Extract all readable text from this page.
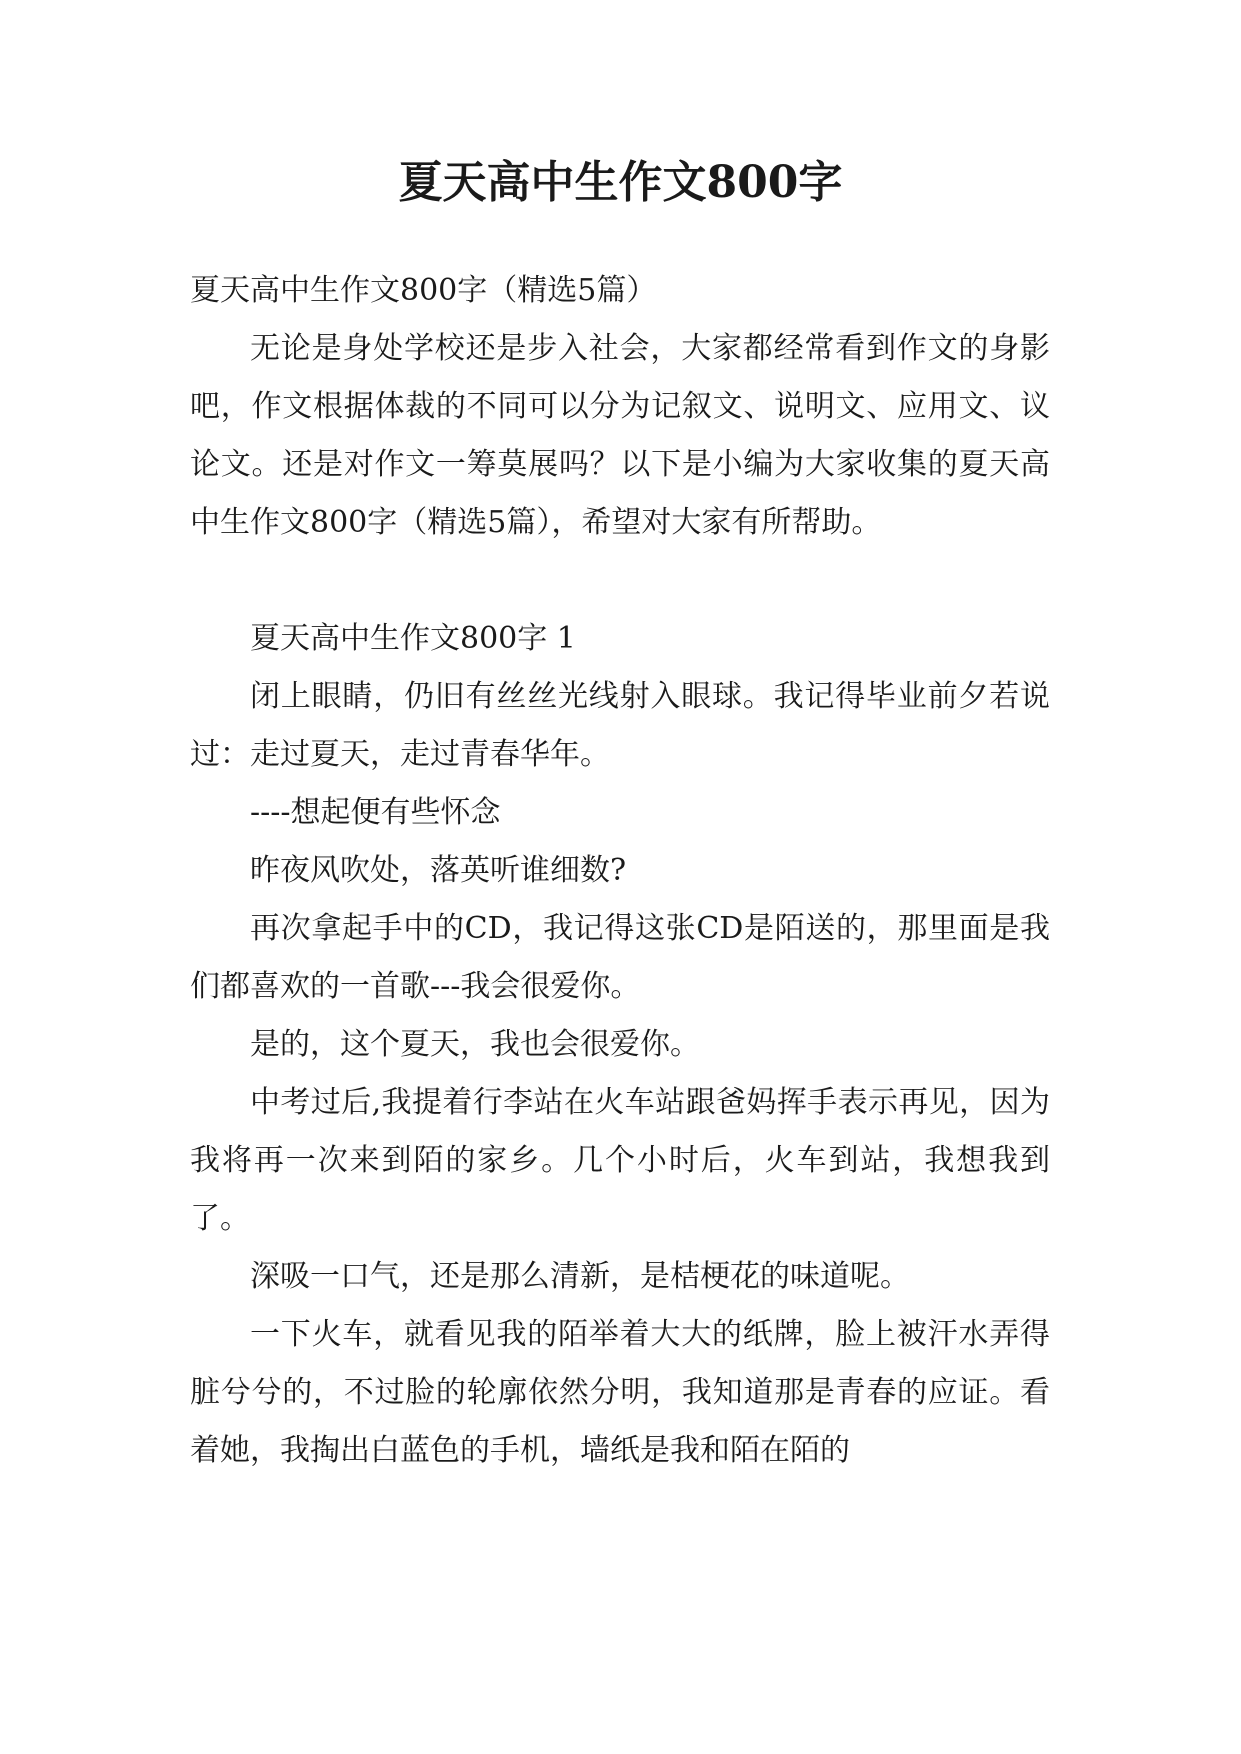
夏天高中生作文800字

夏天高中生作文800字（精选5篇）

无论是身处学校还是步入社会，大家都经常看到作文的身影吧，作文根据体裁的不同可以分为记叙文、说明文、应用文、议论文。还是对作文一筹莫展吗？以下是小编为大家收集的夏天高中生作文800字（精选5篇），希望对大家有所帮助。

夏天高中生作文800字 1

闭上眼睛，仍旧有丝丝光线射入眼球。我记得毕业前夕若说过：走过夏天，走过青春华年。

----想起便有些怀念

昨夜风吹处，落英听谁细数?

再次拿起手中的CD，我记得这张CD是陌送的，那里面是我们都喜欢的一首歌---我会很爱你。

是的，这个夏天，我也会很爱你。

中考过后,我提着行李站在火车站跟爸妈挥手表示再见，因为我将再一次来到陌的家乡。几个小时后，火车到站，我想我到了。

深吸一口气，还是那么清新，是桔梗花的味道呢。

一下火车，就看见我的陌举着大大的纸牌，脸上被汗水弄得脏兮兮的，不过脸的轮廓依然分明，我知道那是青春的应证。看着她，我掏出白蓝色的手机，墙纸是我和陌在陌的
